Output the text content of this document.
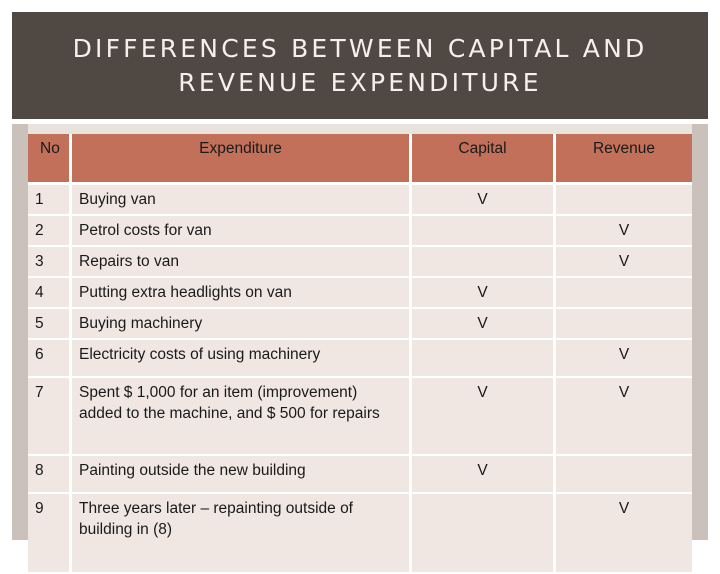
DIFFERENCES BETWEEN CAPITAL AND
REVENUE EXPENDITURE
No	Expenditure	Capital	Revenue
1	Buying van	V	
2	Petrol costs for van		V
3	Repairs to van		V
4	Putting extra headlights on van	V	
5	Buying machinery	V	
6	Electricity costs of using machinery		V
7	Spent $ 1,000 for an item (improvement) added to the machine, and $ 500 for repairs	V	V
8	Painting outside the new building	V	
9	Three years later – repainting outside of building in (8)		V
